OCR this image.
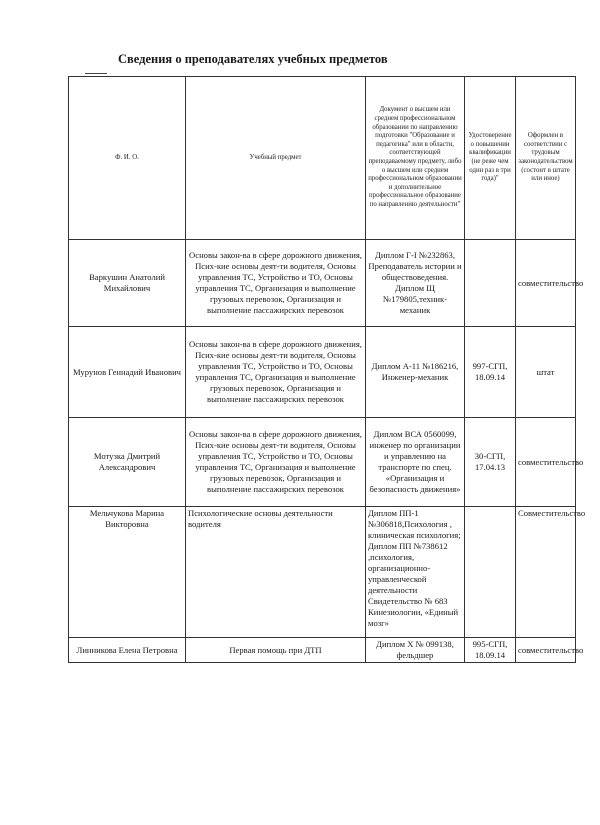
Сведения о преподавателях учебных предметов
Ф. И. О.	Учебный предмет	Документ о высшем или среднем профессиональном образовании по направлению подготовки "Образование и педагогика" или в области, соответствующей преподаваемому предмету, либо о высшем или среднем профессиональном образовании и дополнительное профессиональное образование по направлению деятельности"	Удостоверение о повышении квалификации (не реже чем один раз в три года)"	Оформлен в соответствии с трудовым законодательством (состоит в штате или иное)
Варкушин Анатолий Михайлович	Основы закон-ва в сфере дорожного движения, Псих-кие основы деят-ти водителя, Основы управления ТС, Устройство и ТО, Основы управления ТС, Организация и выполнение грузовых перевозок, Организация и выполнение пассажирских перевозок	Диплом Г-I №232863, Преподаватель истории и обществоведения. Диплом Щ №179805,техник-механик		совместительство
Мурунов Геннадий Иванович	Основы закон-ва в сфере дорожного движения, Псих-кие основы деят-ти водителя, Основы управления ТС, Устройство и ТО, Основы управления ТС, Организация и выполнение грузовых перевозок, Организация и выполнение пассажирских перевозок	Диплом А-11 №186216, Инженер-механик	997-СГП, 18.09.14	штат
Мотузка Дмитрий Александрович	Основы закон-ва в сфере дорожного движения, Псих-кие основы деят-ти водителя, Основы управления ТС, Устройство и ТО, Основы управления ТС, Организация и выполнение грузовых перевозок, Организация и выполнение пассажирских перевозок	Диплом ВСА 0560099, инженер по организации и управлению на транспорте по спец. «Организация и безопасность движения»	30-СГП, 17.04.13	совместительство
Мельчукова Марина Викторовна	Психологические основы деятельности водителя	Диплом ПП-1 №306818,Психология , клиническая психология; Диплом ПП №738612 ,психология, организационно-управленческой деятельности Свидетельство № 683 Кинезиологии, «Единый мозг»		Совместительство
Линникова Елена Петровна	Первая помощь при ДТП	Диплом Х № 099138, фельдшер	995-СГП, 18.09.14	совместительство
